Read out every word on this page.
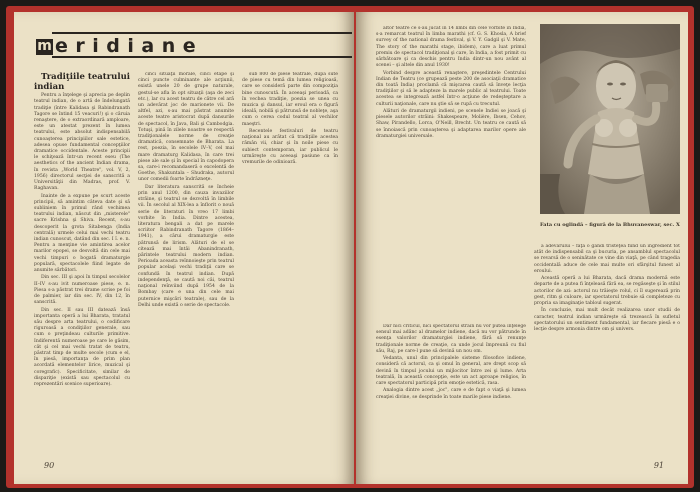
m eridiane

Tradiţiile teatrului indian

Pentru a înţelege şi aprecia pe deplin teatrul indian, de o artă de îndelungată tradiţie (între Kalidasa şi Rabindranath Tagore se întind 15 veacuri!) şi o căruia renaştere, de o extraordinară amploare, este un atestat prezent în lumea teatrului, este absolut indispensabilă cunoaşterea principiilor sale estetice, adesea opuse fundamental concepţiilor dramatice occidentale. Aceste principii le schiţează într-un recent eseu (The aesthetics of the ancient Indian drama, în revista „World Theatre", vol. V, 2, 1956) directorul secţiei de sanscrită a Universităţii din Madras, prof. V. Raghavan.

Inainte de a expune pe scurt aceste principii, să amintim câteva date şi să subliniem în primul rând vechimea teatrului indian, născut din „misterele" sacre Krishna şi Shiva. Recent, s-au descoperit la grota Sitabenga (India centrală) urmele celui mai vechi teatru indian cunoscut, datând din sec. I î. e. n. Pentru a menţine vie amintirea acelor marilor epopei, se desvoltă din cele mai vechi timpuri o bogată dramaturgie populară, spectacolele fiind legate de anumite sărbători.

Din sec. III şi apoi în timpul secolelor II–IV s-au ivit numeroase piese, e. n. Piesa s-a păstrat trei drame scrise pe foi de palmier, iar din sec. IV, din 12, în sanscrită.

Din sec. II sau III datează însă importanta operă a lui Bharata, tratatul său despre arta teatrului, o codificare riguroasă a condiţiilor generale, sau cum o preţindeau culturile primitive. Indiferentă numeroase pe care le găsim, cât şi cel mai vechi tratat de teatru, păstrat timp de multe secole (cum e el, în piesă, importanţa de prim plan acordată elementelor lirice, muzical şi coregrafic). Specificitate, similar de dispariţie (există sau spectacolul cu reprezentări scenice superioare).

cinci situaţii morale, cinci etape şi cinci puncte culminante ale acţiunii, există unele 20 de grupe naturale, gestul-se afla în opt situaţii (aşa de zeci etc.), lar cu acest teatru de către cel ară un adevărat joc de marionete vii. De altfel, azi, s-au mai păstrat anumite aceste teatre aristocrat după dansurile de spectacol, în Java, Bali şi Cambodgia. Totuşi, pină în zilele noastre se respectă tradiţionalele norme de creaţie dramatică, consemnate de Bharata. La rest, poezia, în secolele IV–V, cel mai mare dramaturg Kalidasa, în care trei piese ale sale şi în special în capodopera sa, care-i recomandaseră o excelentă de Goethe, Shakuntala – Shudraka, autorul unor comedii foarte îndrăzneţe.

Dar literatura sanscrită se încheie prin anul 1200, din cauza invaziilor străine, şi teatrul se dezvoltă în limbile vii. În secolul al XIX-lea a înflorit o nouă serie de literaturi în vreo 17 limbi vorbite în India. Dintre acestea, literatura bengali a dat pe marele scriitor Rabindranath Tagore (1864–1941), a cărui dramaturgie este pătrunsă de lirism. Alături de el se citează mai întâi Abanindranath, părintele teatrului modern indian. Perioada aceasta reînnoieşte prin teatrul popular acelaşi vechi tradiţii care se confundă în teatrul indian. După independenţă, se caută noi căi, teatrul naţional reînviind după 1954 de la Bombay (care e una din cele mai puternice mişcări teatrale), sau de la Delhi unde există o serie de spectacole.

sub 800 de piese teatrale, după sute de piese cu temă din lumea religioasă, care se consideră parte din compoziţia bine cunoscută. În aceeaşi perioadă, ca în vechea tradiţie, poezia se unea cu muzica şi dansul, iar eroul era o figură ideală, nobilă şi pătrunsă de nobleţe, aşa cum o cerea codul teatral al vechilor maeştri.

Recentele festivaluri de teatru naţional au arătat că tradiţiile acestea rămân vii, chiar şi în noile piese cu subiect contemporan, iar publicul le urmăreşte cu aceeaşi pasiune ca în vremurile de odinioară.

90

altor teatre ce s-au jucat în 14 limbi din cele vorbite în India, s-a remarcat teatrul în limba marathi (cf. G. S. Khosla, A brief survey of the national drama festival, şi V. Y. Gadgil şi V. Mate, The story of the marathi stage, ibidem), care a luat primul premiu de spectacol tradiţional şi care, în India, a fost primit cu sărbătoare şi ca deschis pentru India dintr-un nou avânt al scenei – şi altele din anul 1930!

Vorbind despre această renaştere, preşedintele Centrului Indian de Teatru (ce grupează peste 200 de asociaţii dramatice din toată India) proclamă că mişcarea caută să înveţe lecţia tradiţiilor şi să le adapteze la marele public al teatrului. Toate acestea se integrează astfel într-o acţiune de redeşteptare a culturii naţionale, care nu ştie să se rupă cu trecutul.

Alături de dramaturgii indieni, pe scenele Indiei se joacă şi piesele autorilor străini: Shakespeare, Molière, Ibsen, Cehov, Shaw, Pirandello, Lorca, O'Neill, Brecht. Un teatru ce caută să se înnoiască prin cunoaşterea şi adaptarea marilor opere ale dramaturgiei universale.

Fata cu oglindă – figură de la Bhuvaneswar, sec. X

Dar nici criticul, nici spectatorul străin nu vor putea înţelege sensul mai adânc al dramelor indiene, dacă nu vor pătrunde în esenţa valorilor dramaturgiei indiene, fără să renunţe tradiţionale norme de creaţie, ca unde jocul împreună cu fiul său, Raj, pe care-l pune să devină un nou om.

Vedanta, unul din principalele sisteme filosofice indiene, consideră că actorul, ca şi omul în general, are drept scop să devină în timpul jocului un mijlocitor între zei şi lume. Arta teatrală, în această concepţie, este un act aproape religios, în care spectatorul participă prin emoţie estetică, rasa.

Analogia dintre acest „joc", care e de fapt o viaţă şi lumea creaţiei divine, se desprinde în toate marile piese indiene.

a adevărului – faţă o gândi tristeţea fiind un ingredient tot atât de indispensabil ca şi bucuria, pe ansamblul spectacolul se revarsă de o seninătate ce vine din viaţă, pe când tragedia occidentală aduce de cele mai multe ori sfârşitul funest al eroului.

Această operă a lui Bharata, dacă drama modernă este departe de a putea fi înţeleasă fără ea, se regăseşte şi în stilul actorilor de azi: actorul nu trăieşte rolul, ci îl sugerează prin gest, ritm şi culoare, iar spectatorul trebuie să completeze cu propria sa imaginaţie tabloul sugerat.

În concluzie, mai mult decât realizarea unor studii de caracter, teatrul indian urmăreşte să trezească în sufletul spectatorului un sentiment fundamental, iar fiecare piesă e o lecţie despre armonia dintre om şi univers.

91
